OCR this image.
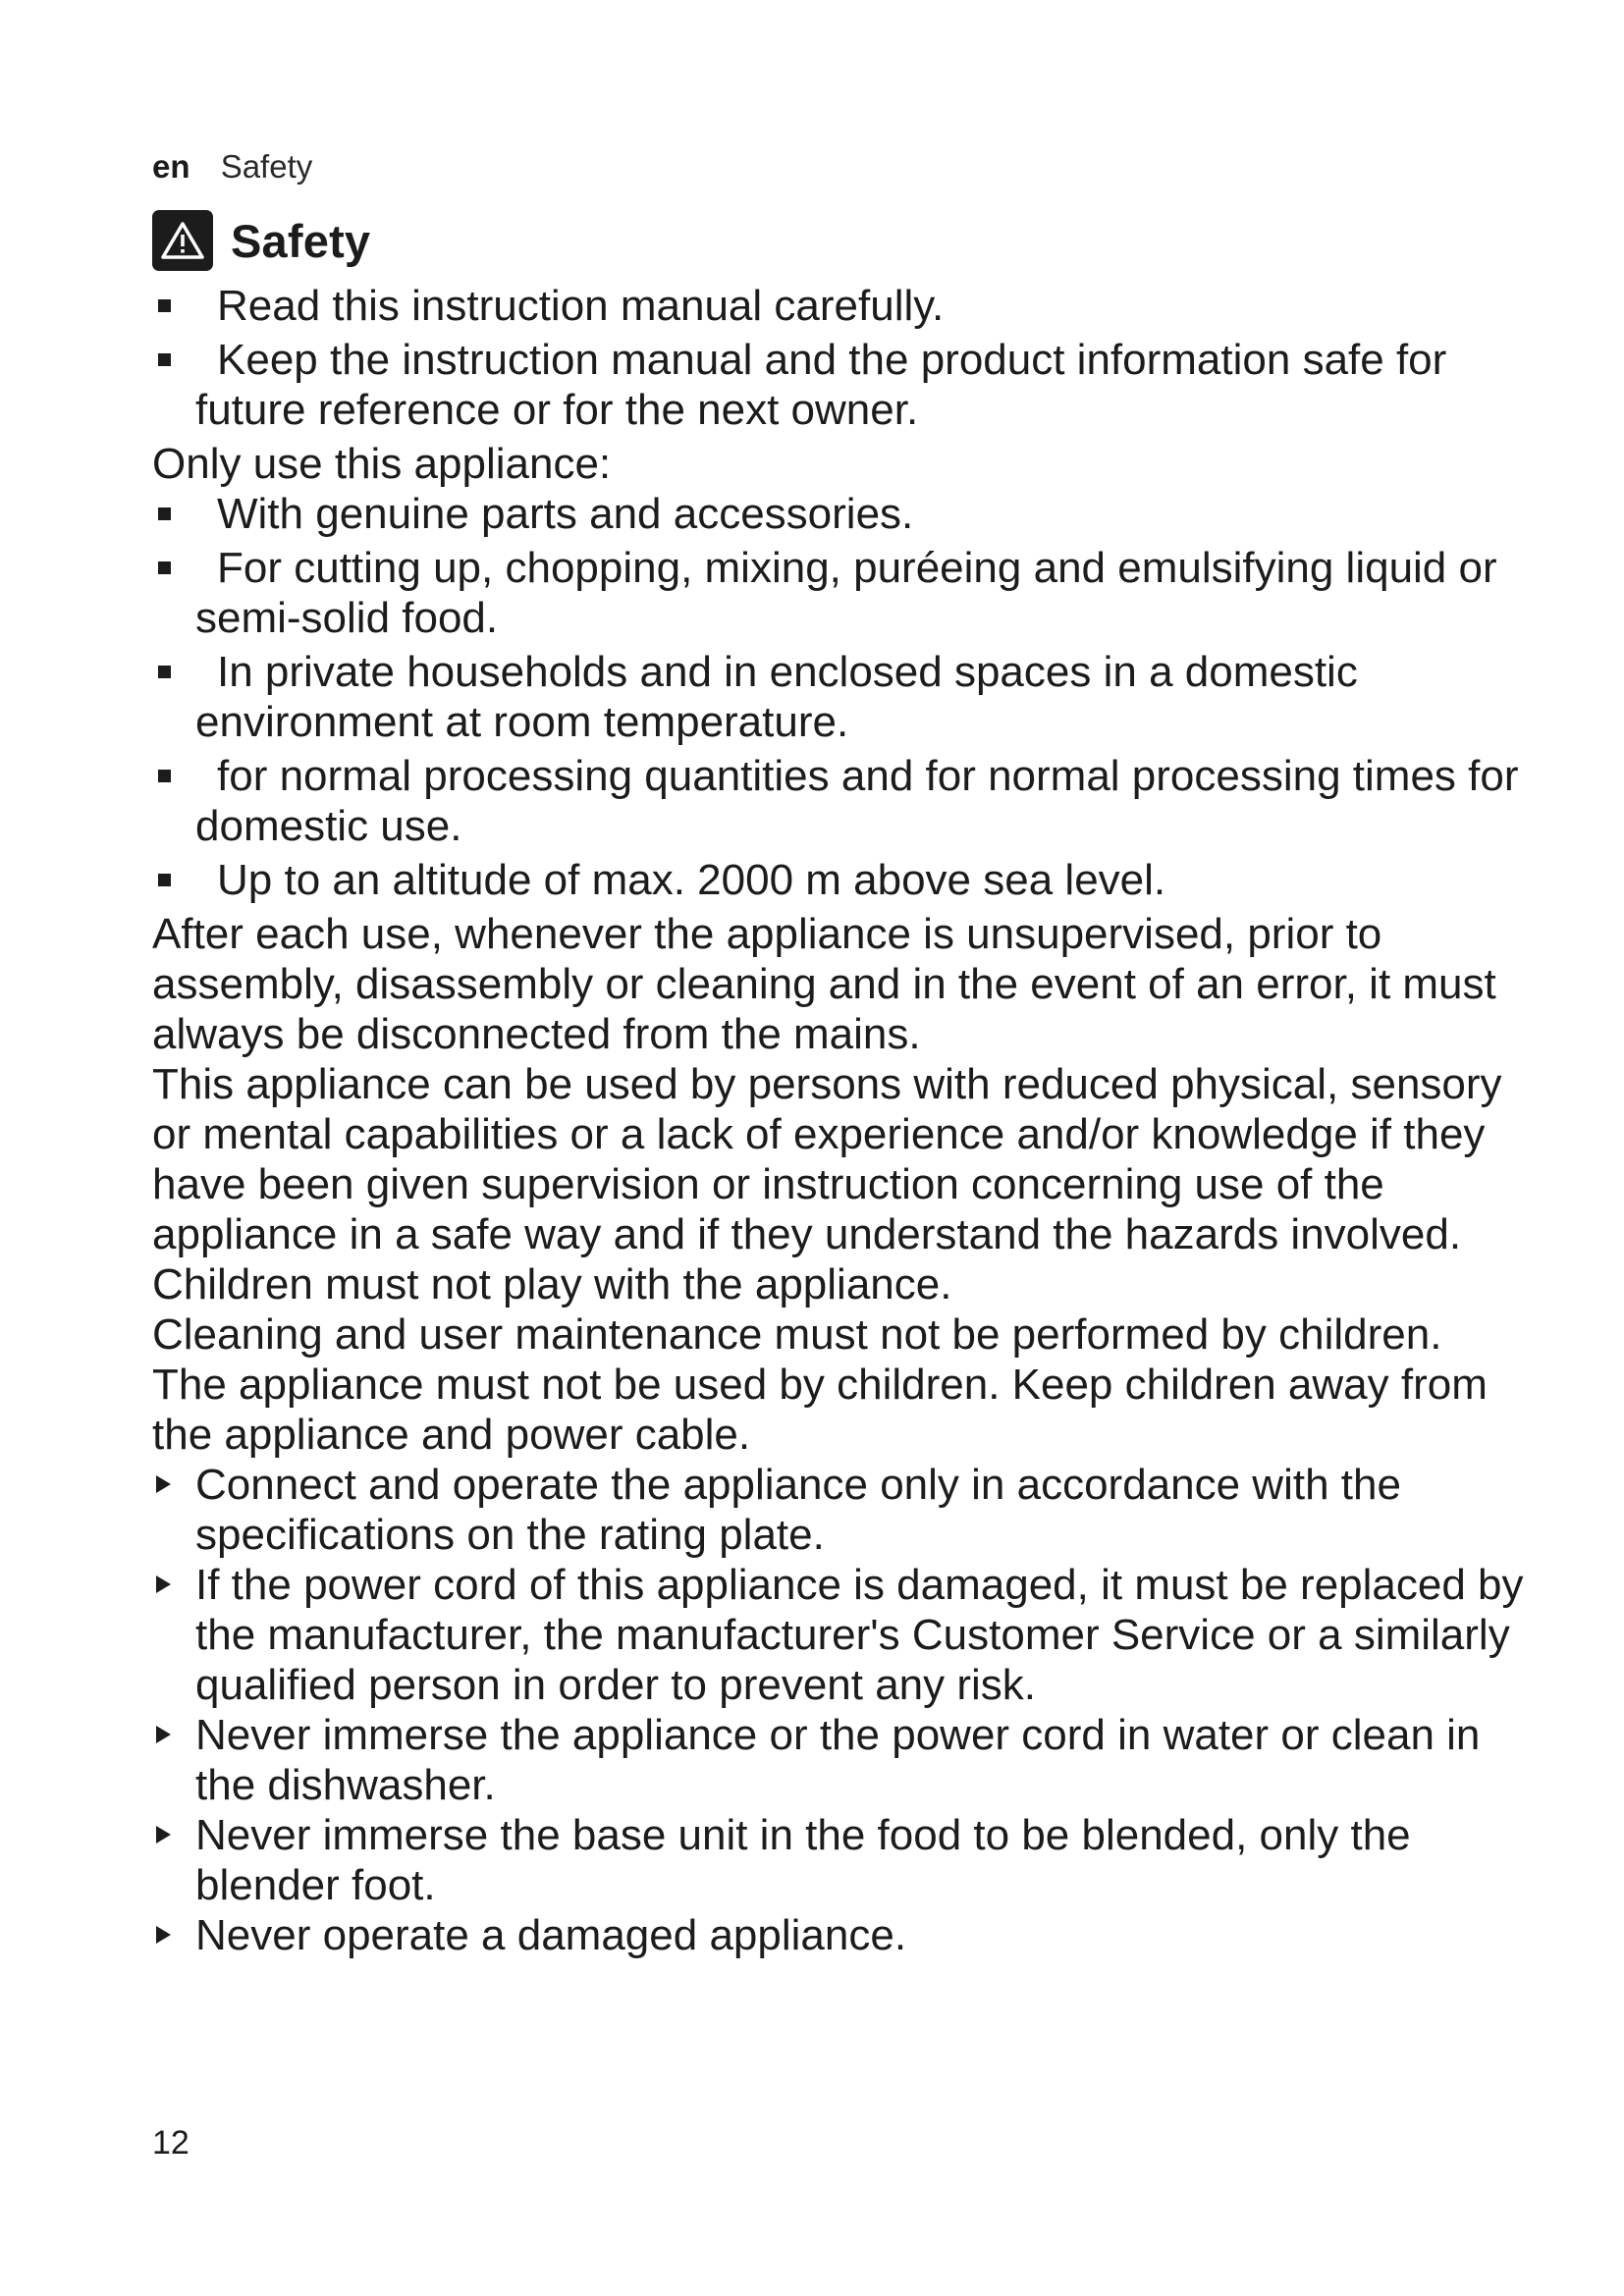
en Safety
Safety
Read this instruction manual carefully.
Keep the instruction manual and the product information safe for future reference or for the next owner.

Only use this appliance:

With genuine parts and accessories.
For cutting up, chopping, mixing, puréeing and emulsifying liquid or semi-solid food.
In private households and in enclosed spaces in a domestic environment at room temperature.
for normal processing quantities and for normal processing times for domestic use.
Up to an altitude of max. 2000 m above sea level.

After each use, whenever the appliance is unsupervised, prior to assembly, disassembly or cleaning and in the event of an error, it must always be disconnected from the mains.

This appliance can be used by persons with reduced physical, sensory or mental capabilities or a lack of experience and/or knowledge if they have been given supervision or instruction concerning use of the appliance in a safe way and if they understand the hazards involved.

Children must not play with the appliance.

Cleaning and user maintenance must not be performed by children.

The appliance must not be used by children. Keep children away from the appliance and power cable.

Connect and operate the appliance only in accordance with the specifications on the rating plate.
If the power cord of this appliance is damaged, it must be replaced by the manufacturer, the manufacturer's Customer Service or a similarly qualified person in order to prevent any risk.
Never immerse the appliance or the power cord in water or clean in the dishwasher.
Never immerse the base unit in the food to be blended, only the blender foot.
Never operate a damaged appliance.
12
